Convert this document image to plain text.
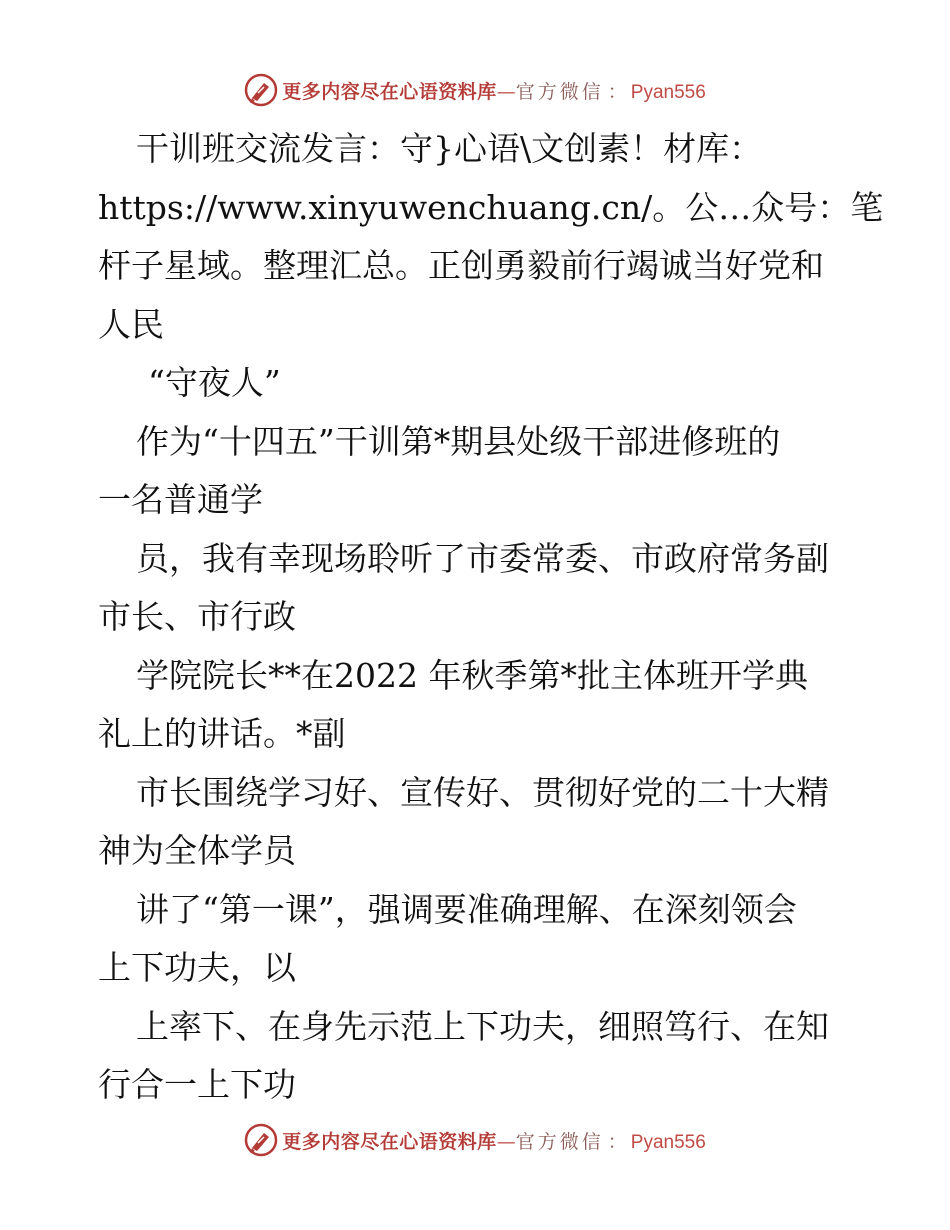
更多内容尽在心语资料库 — 官方微信 ： Pyan556
干训班交流发言：守}心语\文创素！材库：
https://www.xinyuwenchuang.cn/。公…众号：笔
杆子星域。整理汇总。正创勇毅前行竭诚当好党和
人民
“守夜人”
作为“十四五”干训第*期县处级干部进修班的
一名普通学
员，我有幸现场聆听了市委常委、市政府常务副
市长、市行政
学院院长**在2022 年秋季第*批主体班开学典
礼上的讲话。*副
市长围绕学习好、宣传好、贯彻好党的二十大精
神为全体学员
讲了“第一课”，强调要准确理解、在深刻领会
上下功夫，以
上率下、在身先示范上下功夫，细照笃行、在知
行合一上下功
更多内容尽在心语资料库 — 官方微信 ： Pyan556
